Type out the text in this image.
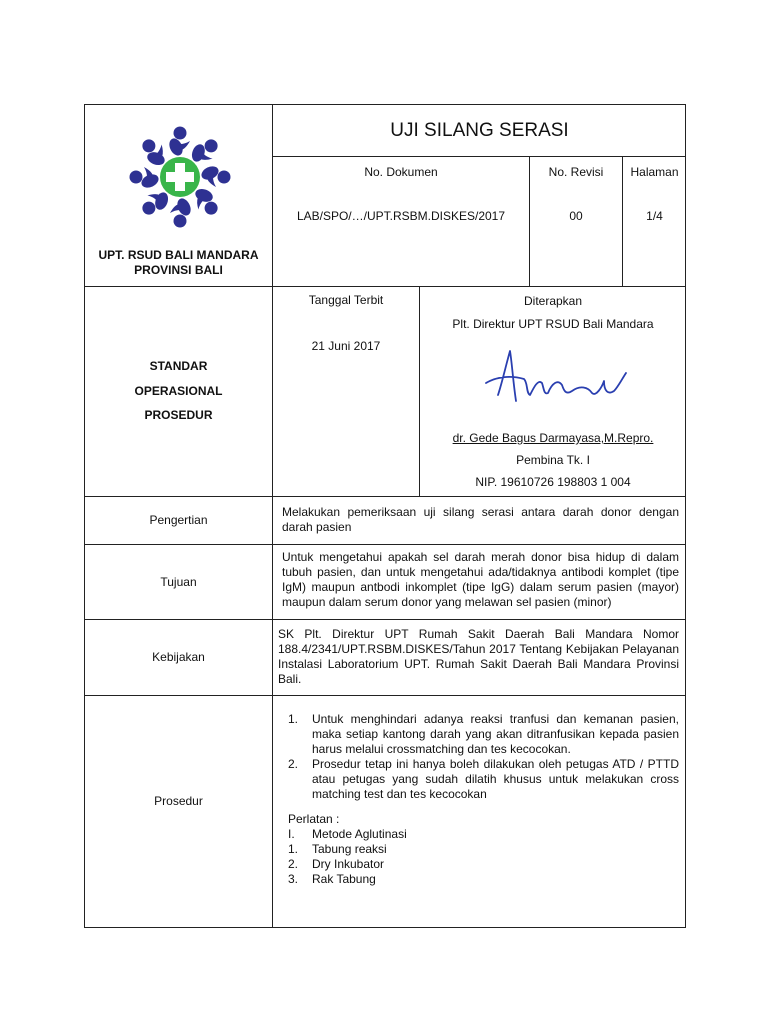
UPT. RSUD BALI MANDARA
PROVINSI BALI
UJI SILANG SERASI
No. Dokumen
LAB/SPO/…/UPT.RSBM.DISKES/2017
No. Revisi
00
Halaman
1/4
STANDAR
OPERASIONAL
PROSEDUR
Tanggal Terbit
21 Juni 2017
Diterapkan
Plt. Direktur UPT RSUD Bali Mandara
dr. Gede Bagus Darmayasa,M.Repro.
Pembina Tk. I
NIP. 19610726 198803 1 004
Pengertian
Melakukan pemeriksaan uji silang serasi antara darah donor dengan darah pasien
Tujuan
Untuk mengetahui apakah sel darah merah donor bisa hidup di dalam tubuh pasien, dan untuk mengetahui ada/tidaknya antibodi komplet (tipe IgM) maupun antbodi inkomplet (tipe IgG) dalam serum pasien (mayor) maupun dalam serum donor yang melawan sel pasien (minor)
Kebijakan
SK Plt. Direktur UPT Rumah Sakit Daerah Bali Mandara Nomor 188.4/2341/UPT.RSBM.DISKES/Tahun 2017 Tentang Kebijakan Pelayanan Instalasi Laboratorium UPT. Rumah Sakit Daerah Bali Mandara Provinsi Bali.
Prosedur
1.	Untuk menghindari adanya reaksi tranfusi dan kemanan pasien, maka setiap kantong darah yang akan ditranfusikan kepada pasien harus melalui crossmatching dan tes kecocokan.
2.	Prosedur tetap ini hanya boleh dilakukan oleh petugas ATD / PTTD atau petugas yang sudah dilatih khusus untuk melakukan cross matching test dan tes kecocokan
Perlatan :
I.	Metode Aglutinasi
1.	Tabung reaksi
2.	Dry Inkubator
3.	Rak Tabung
